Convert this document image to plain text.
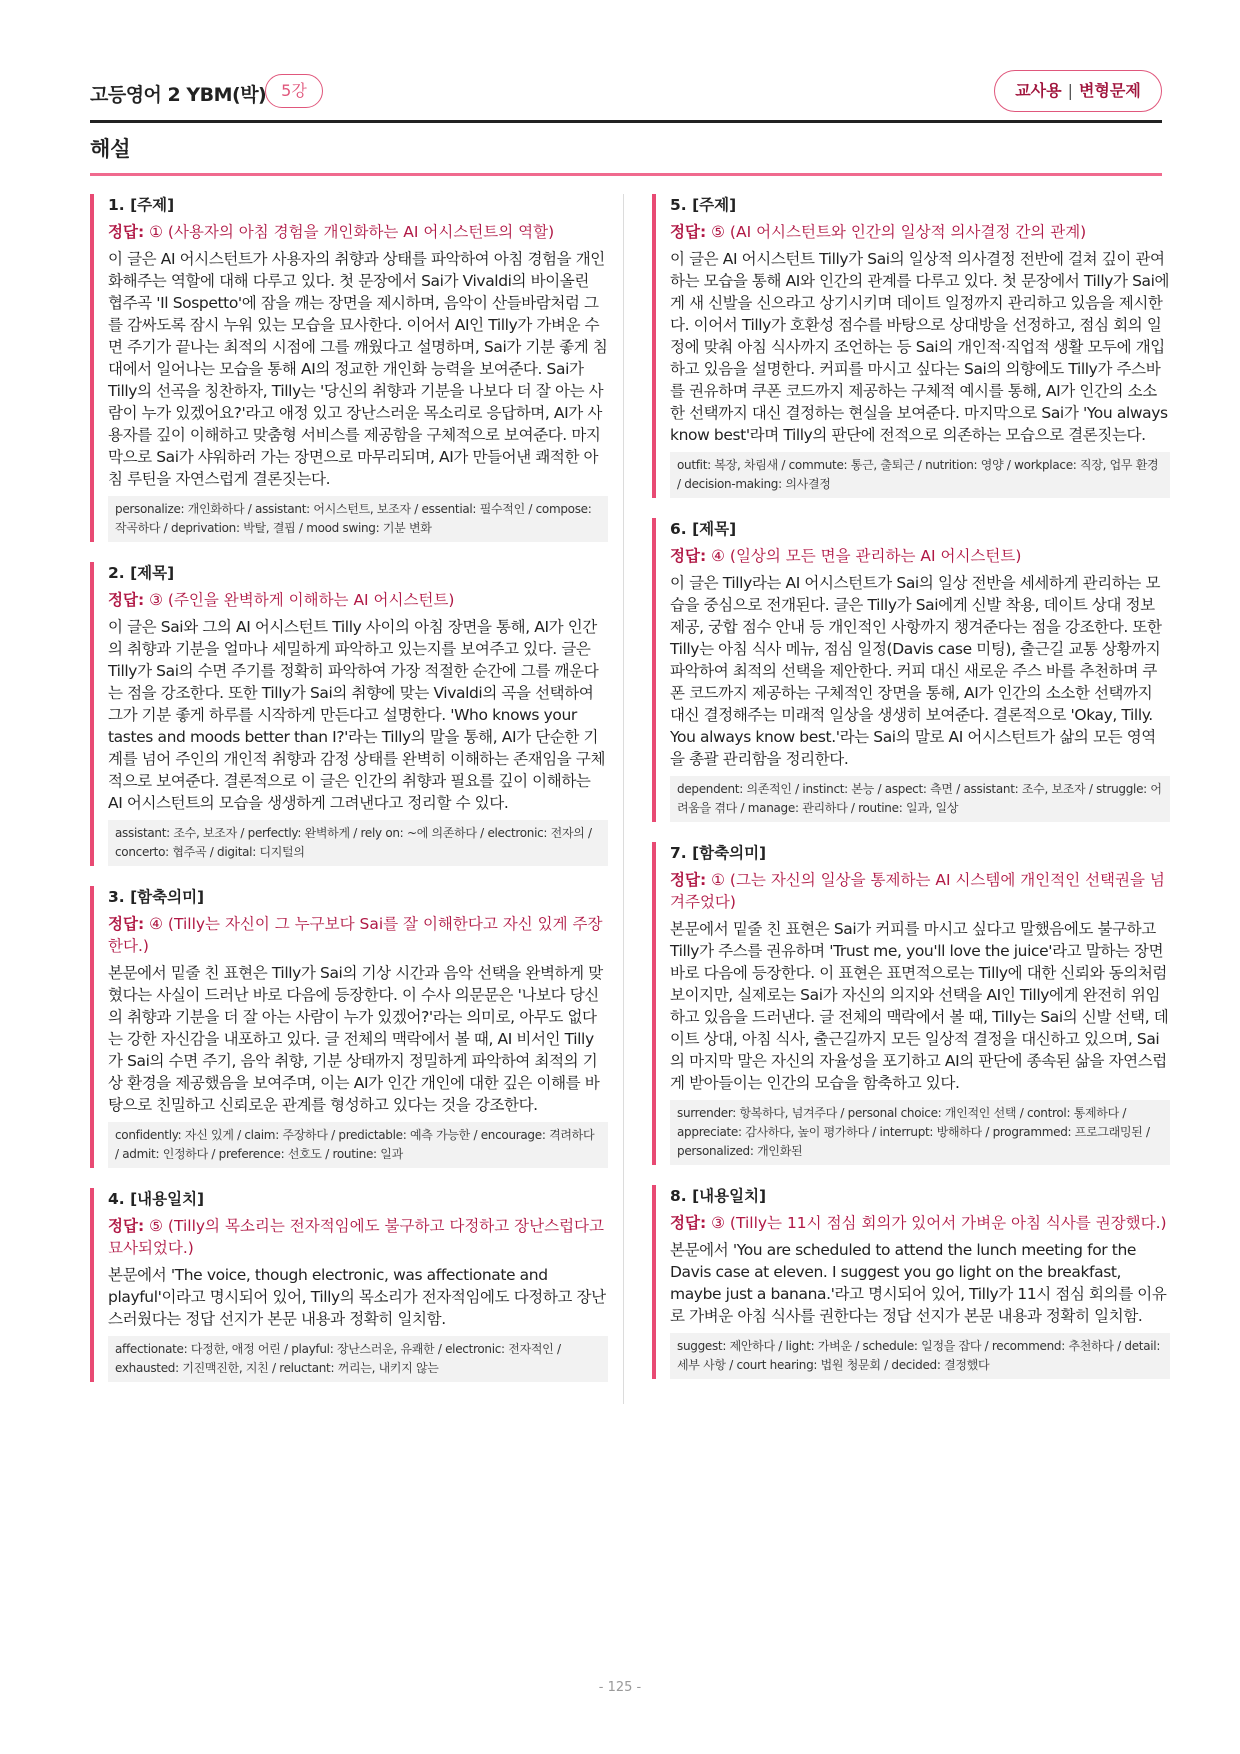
고등영어 2 YBM(박) 5강	교사용 | 변형문제
해설
1. [주제]
정답: ① (사용자의 아침 경험을 개인화하는 AI 어시스턴트의 역할)
이 글은 AI 어시스턴트가 사용자의 취향과 상태를 파악하여 아침 경험을 개인화해주는 역할에 대해 다루고 있다. 첫 문장에서 Sai가 Vivaldi의 바이올린 협주곡 'Il Sospetto'에 잠을 깨는 장면을 제시하며, 음악이 산들바람처럼 그를 감싸도록 잠시 누워 있는 모습을 묘사한다. 이어서 AI인 Tilly가 가벼운 수면 주기가 끝나는 최적의 시점에 그를 깨웠다고 설명하며, Sai가 기분 좋게 침대에서 일어나는 모습을 통해 AI의 정교한 개인화 능력을 보여준다. Sai가 Tilly의 선곡을 칭찬하자, Tilly는 '당신의 취향과 기분을 나보다 더 잘 아는 사람이 누가 있겠어요?'라고 애정 있고 장난스러운 목소리로 응답하며, AI가 사용자를 깊이 이해하고 맞춤형 서비스를 제공함을 구체적으로 보여준다. 마지막으로 Sai가 샤워하러 가는 장면으로 마무리되며, AI가 만들어낸 쾌적한 아침 루틴을 자연스럽게 결론짓는다.
personalize: 개인화하다 / assistant: 어시스턴트, 보조자 / essential: 필수적인 / compose: 작곡하다 / deprivation: 박탈, 결핍 / mood swing: 기분 변화
2. [제목]
정답: ③ (주인을 완벽하게 이해하는 AI 어시스턴트)
이 글은 Sai와 그의 AI 어시스턴트 Tilly 사이의 아침 장면을 통해, AI가 인간의 취향과 기분을 얼마나 세밀하게 파악하고 있는지를 보여주고 있다. 글은 Tilly가 Sai의 수면 주기를 정확히 파악하여 가장 적절한 순간에 그를 깨운다는 점을 강조한다. 또한 Tilly가 Sai의 취향에 맞는 Vivaldi의 곡을 선택하여 그가 기분 좋게 하루를 시작하게 만든다고 설명한다. 'Who knows your tastes and moods better than I?'라는 Tilly의 말을 통해, AI가 단순한 기계를 넘어 주인의 개인적 취향과 감정 상태를 완벽히 이해하는 존재임을 구체적으로 보여준다. 결론적으로 이 글은 인간의 취향과 필요를 깊이 이해하는 AI 어시스턴트의 모습을 생생하게 그려낸다고 정리할 수 있다.
assistant: 조수, 보조자 / perfectly: 완벽하게 / rely on: ~에 의존하다 / electronic: 전자의 / concerto: 협주곡 / digital: 디지털의
3. [함축의미]
정답: ④ (Tilly는 자신이 그 누구보다 Sai를 잘 이해한다고 자신 있게 주장한다.)
본문에서 밑줄 친 표현은 Tilly가 Sai의 기상 시간과 음악 선택을 완벽하게 맞혔다는 사실이 드러난 바로 다음에 등장한다. 이 수사 의문문은 '나보다 당신의 취향과 기분을 더 잘 아는 사람이 누가 있겠어?'라는 의미로, 아무도 없다는 강한 자신감을 내포하고 있다. 글 전체의 맥락에서 볼 때, AI 비서인 Tilly가 Sai의 수면 주기, 음악 취향, 기분 상태까지 정밀하게 파악하여 최적의 기상 환경을 제공했음을 보여주며, 이는 AI가 인간 개인에 대한 깊은 이해를 바탕으로 친밀하고 신뢰로운 관계를 형성하고 있다는 것을 강조한다.
confidently: 자신 있게 / claim: 주장하다 / predictable: 예측 가능한 / encourage: 격려하다 / admit: 인정하다 / preference: 선호도 / routine: 일과
4. [내용일치]
정답: ⑤ (Tilly의 목소리는 전자적임에도 불구하고 다정하고 장난스럽다고 묘사되었다.)
본문에서 'The voice, though electronic, was affectionate and playful'이라고 명시되어 있어, Tilly의 목소리가 전자적임에도 다정하고 장난스러웠다는 정답 선지가 본문 내용과 정확히 일치함.
affectionate: 다정한, 애정 어린 / playful: 장난스러운, 유쾌한 / electronic: 전자적인 / exhausted: 기진맥진한, 지친 / reluctant: 꺼리는, 내키지 않는
5. [주제]
정답: ⑤ (AI 어시스턴트와 인간의 일상적 의사결정 간의 관계)
이 글은 AI 어시스턴트 Tilly가 Sai의 일상적 의사결정 전반에 걸쳐 깊이 관여하는 모습을 통해 AI와 인간의 관계를 다루고 있다. 첫 문장에서 Tilly가 Sai에게 새 신발을 신으라고 상기시키며 데이트 일정까지 관리하고 있음을 제시한다. 이어서 Tilly가 호환성 점수를 바탕으로 상대방을 선정하고, 점심 회의 일정에 맞춰 아침 식사까지 조언하는 등 Sai의 개인적·직업적 생활 모두에 개입하고 있음을 설명한다. 커피를 마시고 싶다는 Sai의 의향에도 Tilly가 주스바를 권유하며 쿠폰 코드까지 제공하는 구체적 예시를 통해, AI가 인간의 소소한 선택까지 대신 결정하는 현실을 보여준다. 마지막으로 Sai가 'You always know best'라며 Tilly의 판단에 전적으로 의존하는 모습으로 결론짓는다.
outfit: 복장, 차림새 / commute: 통근, 출퇴근 / nutrition: 영양 / workplace: 직장, 업무 환경 / decision-making: 의사결정
6. [제목]
정답: ④ (일상의 모든 면을 관리하는 AI 어시스턴트)
이 글은 Tilly라는 AI 어시스턴트가 Sai의 일상 전반을 세세하게 관리하는 모습을 중심으로 전개된다. 글은 Tilly가 Sai에게 신발 착용, 데이트 상대 정보 제공, 궁합 점수 안내 등 개인적인 사항까지 챙겨준다는 점을 강조한다. 또한 Tilly는 아침 식사 메뉴, 점심 일정(Davis case 미팅), 출근길 교통 상황까지 파악하여 최적의 선택을 제안한다. 커피 대신 새로운 주스 바를 추천하며 쿠폰 코드까지 제공하는 구체적인 장면을 통해, AI가 인간의 소소한 선택까지 대신 결정해주는 미래적 일상을 생생히 보여준다. 결론적으로 'Okay, Tilly. You always know best.'라는 Sai의 말로 AI 어시스턴트가 삶의 모든 영역을 총괄 관리함을 정리한다.
dependent: 의존적인 / instinct: 본능 / aspect: 측면 / assistant: 조수, 보조자 / struggle: 어려움을 겪다 / manage: 관리하다 / routine: 일과, 일상
7. [함축의미]
정답: ① (그는 자신의 일상을 통제하는 AI 시스템에 개인적인 선택권을 넘겨주었다)
본문에서 밑줄 친 표현은 Sai가 커피를 마시고 싶다고 말했음에도 불구하고 Tilly가 주스를 권유하며 'Trust me, you'll love the juice'라고 말하는 장면 바로 다음에 등장한다. 이 표현은 표면적으로는 Tilly에 대한 신뢰와 동의처럼 보이지만, 실제로는 Sai가 자신의 의지와 선택을 AI인 Tilly에게 완전히 위임하고 있음을 드러낸다. 글 전체의 맥락에서 볼 때, Tilly는 Sai의 신발 선택, 데이트 상대, 아침 식사, 출근길까지 모든 일상적 결정을 대신하고 있으며, Sai의 마지막 말은 자신의 자율성을 포기하고 AI의 판단에 종속된 삶을 자연스럽게 받아들이는 인간의 모습을 함축하고 있다.
surrender: 항복하다, 넘겨주다 / personal choice: 개인적인 선택 / control: 통제하다 / appreciate: 감사하다, 높이 평가하다 / interrupt: 방해하다 / programmed: 프로그래밍된 / personalized: 개인화된
8. [내용일치]
정답: ③ (Tilly는 11시 점심 회의가 있어서 가벼운 아침 식사를 권장했다.)
본문에서 'You are scheduled to attend the lunch meeting for the Davis case at eleven. I suggest you go light on the breakfast, maybe just a banana.'라고 명시되어 있어, Tilly가 11시 점심 회의를 이유로 가벼운 아침 식사를 권한다는 정답 선지가 본문 내용과 정확히 일치함.
suggest: 제안하다 / light: 가벼운 / schedule: 일정을 잡다 / recommend: 추천하다 / detail: 세부 사항 / court hearing: 법원 청문회 / decided: 결정했다
- 125 -
